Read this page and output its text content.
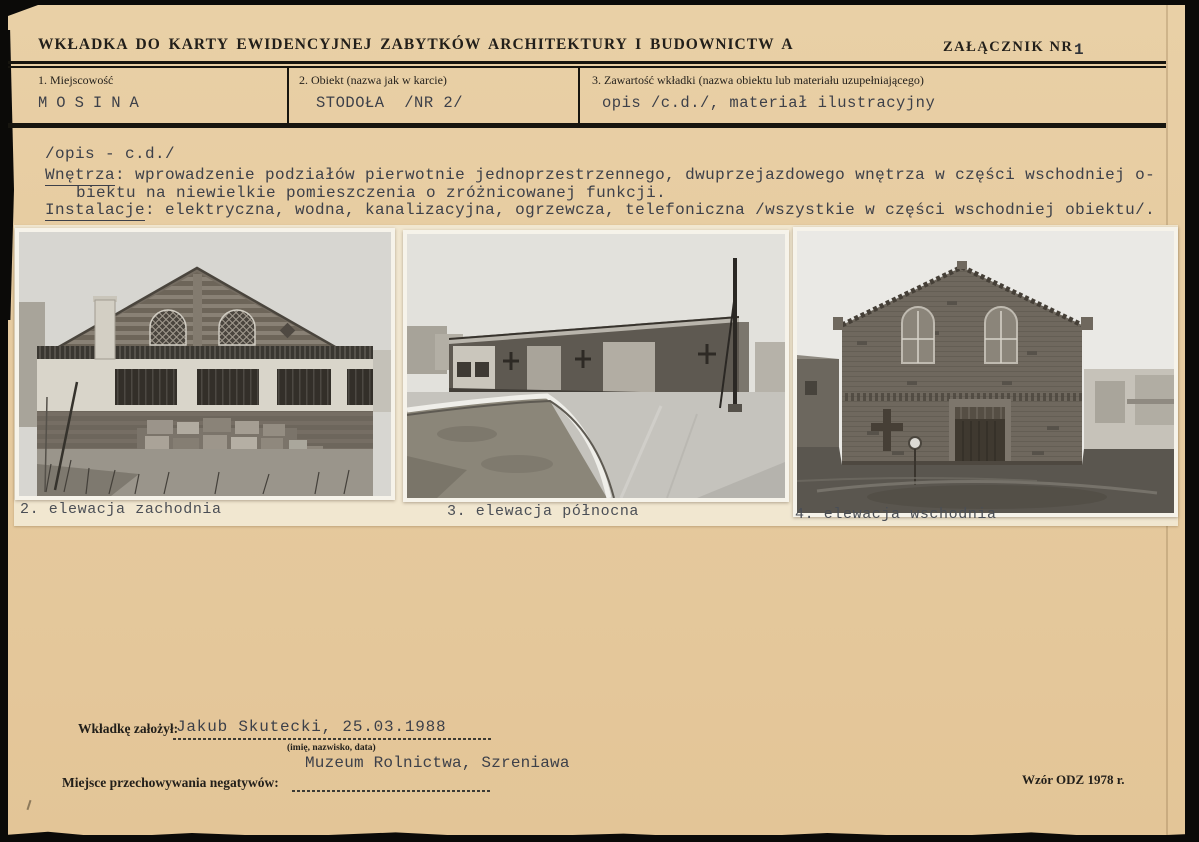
WKŁADKA DO KARTY EWIDENCYJNEJ ZABYTKÓW ARCHITEKTURY I BUDOWNICTW A	ZAŁĄCZNIK NR 1
1. Miejscowość
MOSINA
2. Obiekt (nazwa jak w karcie)
STODOŁA  /NR 2/
3. Zawartość wkładki (nazwa obiektu lub materiału uzupełniającego)
opis /c.d./, materiał ilustracyjny
/opis - c.d./
Wnętrza: wprowadzenie podziałów pierwotnie jednoprzestrzennego, dwuprzejazdowego wnętrza w części wschodniej o-
biektu na niewielkie pomieszczenia o zróżnicowanej funkcji.
Instalacje: elektryczna, wodna, kanalizacyjna, ogrzewcza, telefoniczna /wszystkie w części wschodniej obiektu/.
2. elewacja zachodnia	3. elewacja północna	4. elewacja wschodnia
Wkładkę założył:
Jakub Skutecki, 25.03.1988
(imię, nazwisko, data)
Muzeum Rolnictwa, Szreniawa
Miejsce przechowywania negatywów:	Wzór ODZ 1978 r.
